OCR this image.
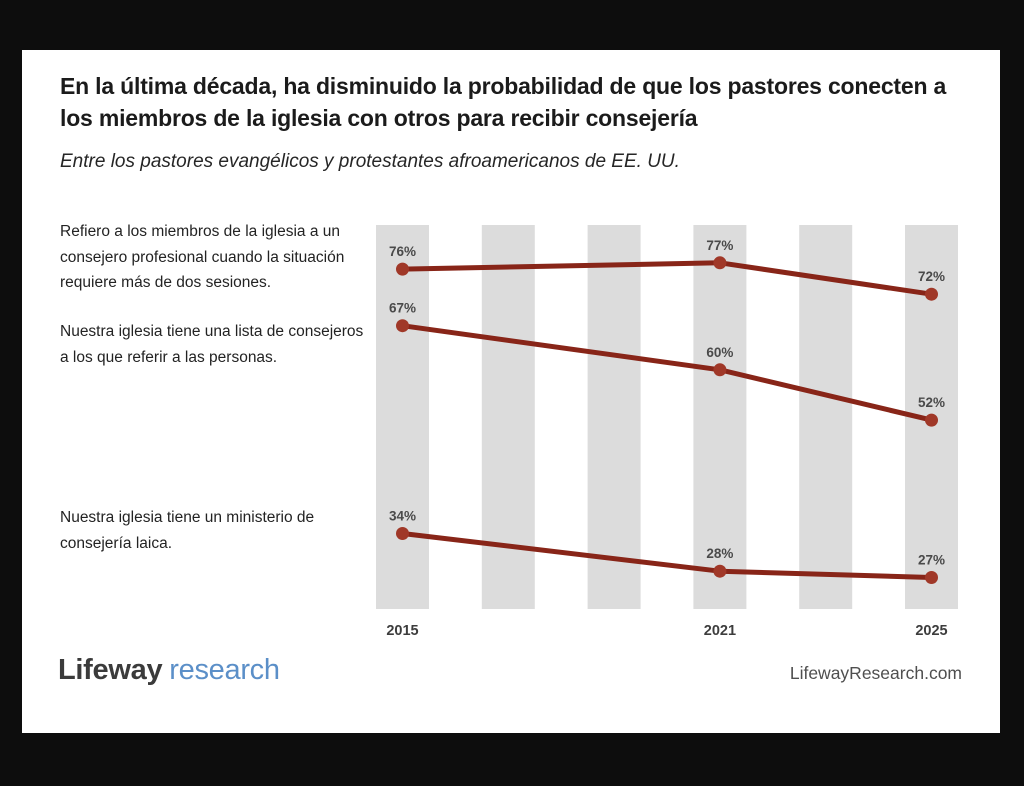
En la última década, ha disminuido la probabilidad de que los pastores conecten a los miembros de la iglesia con otros para recibir consejería
Entre los pastores evangélicos y protestantes afroamericanos de EE. UU.
Refiero a los miembros de la iglesia a un consejero profesional cuando la situación requiere más de dos sesiones.
Nuestra iglesia tiene una lista de consejeros a los que referir a las personas.
Nuestra iglesia tiene un ministerio de consejería laica.
76%	77%
72%
67%
60%
52%
34%
28%	27%
2015	2021	2025
Lifeway research	LifewayResearch.com
